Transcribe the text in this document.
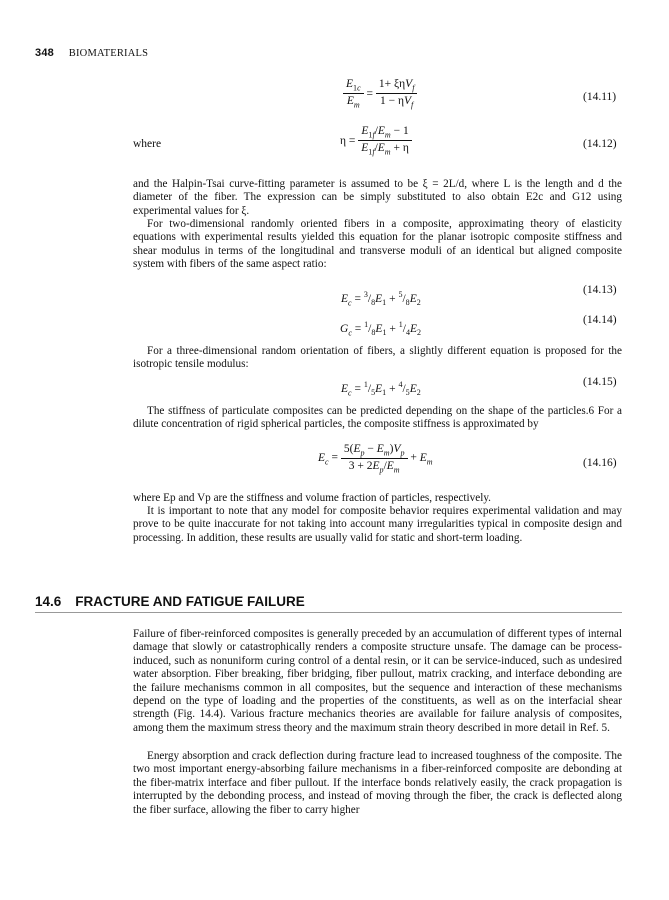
348 BIOMATERIALS
$\frac{E_{1c}}{E_m} = \frac{1+ \xi\eta V_f}{1 - \eta V_f}$	(14.11)
where	$\eta = \frac{E_{1f}/E_m - 1}{E_{1f}/E_m + \eta}$	(14.12)
and the Halpin-Tsai curve-fitting parameter is assumed to be ξ = 2L/d, where L is the length and d the diameter of the fiber. The expression can be simply substituted to also obtain E2c and G12 using experimental values for ξ.
For two-dimensional randomly oriented fibers in a composite, approximating theory of elasticity equations with experimental results yielded this equation for the planar isotropic composite stiffness and shear modulus in terms of the longitudinal and transverse moduli of an identical but aligned composite system with fibers of the same aspect ratio:
$E_c = ^3/_8E_1 + ^5/_8E_2$
(14.13)
$G_c = ^1/_8E_1 + ^1/_4E_2$
(14.14)
For a three-dimensional random orientation of fibers, a slightly different equation is proposed for the isotropic tensile modulus:
$E_c = ^1/_5E_1 + ^4/_5E_2$
(14.15)
The stiffness of particulate composites can be predicted depending on the shape of the particles.6 For a dilute concentration of rigid spherical particles, the composite stiffness is approximated by
$E_c = \frac{5(E_p - E_m)V_p}{3 + 2E_p/E_m} + E_m$	(14.16)
where Ep and Vp are the stiffness and volume fraction of particles, respectively.
It is important to note that any model for composite behavior requires experimental validation and may prove to be quite inaccurate for not taking into account many irregularities typical in composite design and processing. In addition, these results are usually valid for static and short-term loading.
14.6 FRACTURE AND FATIGUE FAILURE
Failure of fiber-reinforced composites is generally preceded by an accumulation of different types of internal damage that slowly or catastrophically renders a composite structure unsafe. The damage can be process-induced, such as nonuniform curing control of a dental resin, or it can be service-induced, such as undesired water absorption. Fiber breaking, fiber bridging, fiber pullout, matrix cracking, and interface debonding are the failure mechanisms common in all composites, but the sequence and interaction of these mechanisms depend on the type of loading and the properties of the constituents, as well as on the interfacial shear strength (Fig. 14.4). Various fracture mechanics theories are available for failure analysis of composites, among them the maximum stress theory and the maximum strain theory described in more detail in Ref. 5.
Energy absorption and crack deflection during fracture lead to increased toughness of the composite. The two most important energy-absorbing failure mechanisms in a fiber-reinforced composite are debonding at the fiber-matrix interface and fiber pullout. If the interface bonds relatively easily, the crack propagation is interrupted by the debonding process, and instead of moving through the fiber, the crack is deflected along the fiber surface, allowing the fiber to carry higher
